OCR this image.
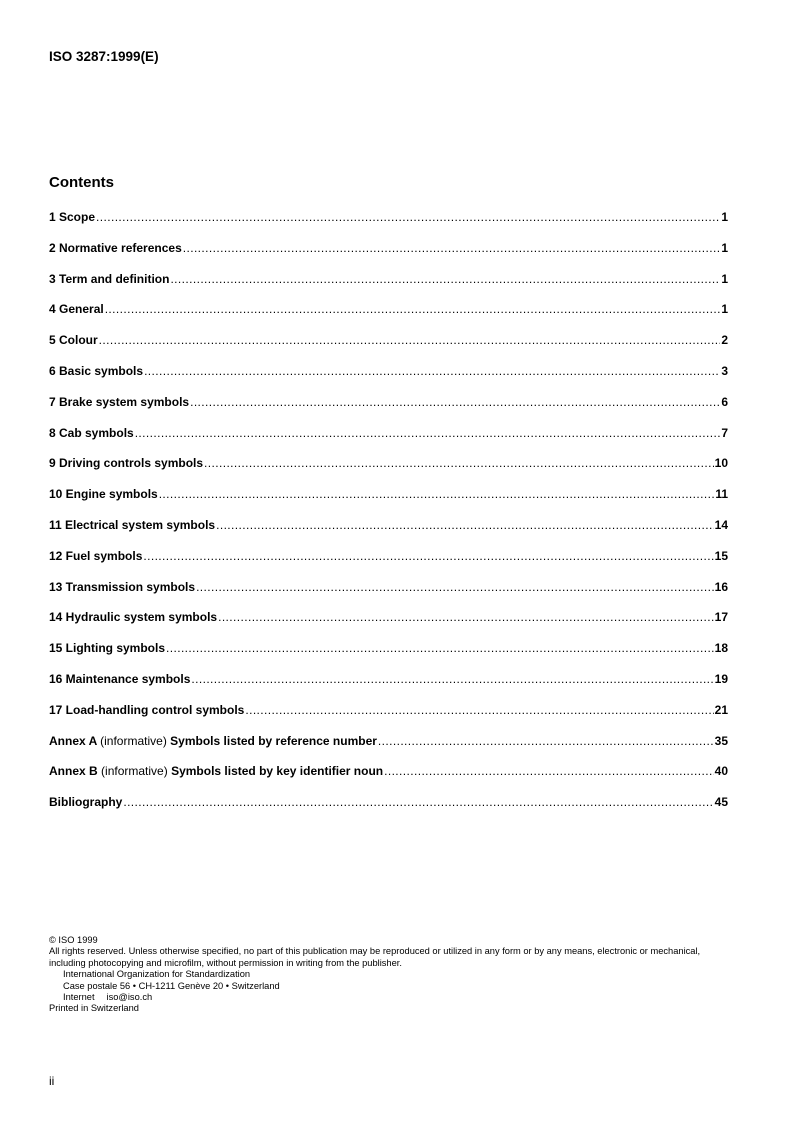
ISO 3287:1999(E)
Contents
1 Scope .....	1
2 Normative references .....	1
3 Term and definition .....	1
4 General .....	1
5 Colour .....	2
6 Basic symbols .....	3
7 Brake system symbols .....	6
8 Cab symbols .....	7
9 Driving controls symbols .....	10
10 Engine symbols .....	11
11 Electrical system symbols .....	14
12 Fuel symbols .....	15
13 Transmission symbols .....	16
14 Hydraulic system symbols .....	17
15 Lighting symbols .....	18
16 Maintenance symbols .....	19
17 Load-handling control symbols .....	21
Annex A (informative) Symbols listed by reference number .....	35
Annex B (informative) Symbols listed by key identifier noun .....	40
Bibliography .....	45

© ISO 1999

All rights reserved. Unless otherwise specified, no part of this publication may be reproduced or utilized in any form or by any means, electronic or mechanical, including photocopying and microfilm, without permission in writing from the publisher.

International Organization for Standardization

Case postale 56 • CH-1211 Genève 20 • Switzerland

Internet iso@iso.ch

Printed in Switzerland

ii
